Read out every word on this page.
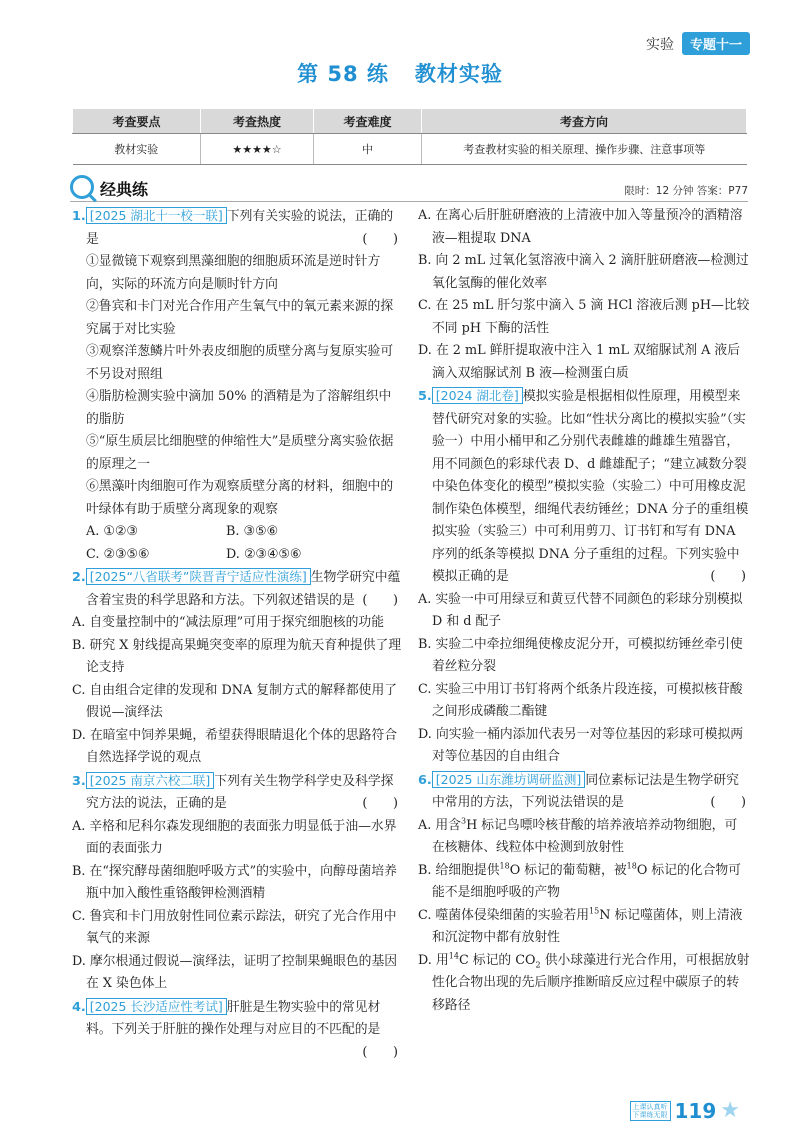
实验	专题十一
第 58 练 教材实验
考查要点	考查热度	考查难度	考查方向
教材实验	★★★★☆	中	考查教材实验的相关原理、操作步骤、注意事项等
经典练	限时：12 分钟 答案：P77

1. [2025 湖北十一校一联] 下列有关实验的说法，正确的是	(　　)

①显微镜下观察到黑藻细胞的细胞质环流是逆时针方向，实际的环流方向是顺时针方向

②鲁宾和卡门对光合作用产生氧气中的氧元素来源的探究属于对比实验

③观察洋葱鳞片叶外表皮细胞的质壁分离与复原实验可不另设对照组

④脂肪检测实验中滴加 50% 的酒精是为了溶解组织中的脂肪

⑤“原生质层比细胞壁的伸缩性大”是质壁分离实验依据的原理之一

⑥黑藻叶肉细胞可作为观察质壁分离的材料，细胞中的叶绿体有助于质壁分离现象的观察

A. ①②③	B. ③⑤⑥

C. ②③⑤⑥	D. ②③④⑤⑥

2. [2025“八省联考”陕晋青宁适应性演练] 生物学研究中蕴含着宝贵的科学思路和方法。下列叙述错误的是 (　　)

A. 自变量控制中的“减法原理”可用于探究细胞核的功能

B. 研究 X 射线提高果蝇突变率的原理为航天育种提供了理论支持

C. 自由组合定律的发现和 DNA 复制方式的解释都使用了假说—演绎法

D. 在暗室中饲养果蝇，希望获得眼睛退化个体的思路符合自然选择学说的观点

3. [2025 南京六校二联] 下列有关生物学科学史及科学探究方法的说法，正确的是	(　　)

A. 辛格和尼科尔森发现细胞的表面张力明显低于油—水界面的表面张力

B. 在“探究酵母菌细胞呼吸方式”的实验中，向醇母菌培养瓶中加入酸性重铬酸钾检测酒精

C. 鲁宾和卡门用放射性同位素示踪法，研究了光合作用中氧气的来源

D. 摩尔根通过假说—演绎法，证明了控制果蝇眼色的基因在 X 染色体上

4. [2025 长沙适应性考试] 肝脏是生物实验中的常见材料。下列关于肝脏的操作处理与对应目的不匹配的是
(　　)

A. 在离心后肝脏研磨液的上清液中加入等量预冷的酒精溶液—粗提取 DNA

B. 向 2 mL 过氧化氢溶液中滴入 2 滴肝脏研磨液—检测过氧化氢酶的催化效率

C. 在 25 mL 肝匀浆中滴入 5 滴 HCl 溶液后测 pH—比较不同 pH 下酶的活性

D. 在 2 mL 鲜肝提取液中注入 1 mL 双缩脲试剂 A 液后滴入双缩脲试剂 B 液—检测蛋白质

5. [2024 湖北卷] 模拟实验是根据相似性原理，用模型来替代研究对象的实验。比如“性状分离比的模拟实验”（实验一）中用小桶甲和乙分别代表雌雄的雌雄生殖器官，用不同颜色的彩球代表 D、d 雌雄配子；“建立减数分裂中染色体变化的模型”模拟实验（实验二）中可用橡皮泥制作染色体模型，细绳代表纺锤丝；DNA 分子的重组模拟实验（实验三）中可利用剪刀、订书钉和写有 DNA 序列的纸条等模拟 DNA 分子重组的过程。下列实验中模拟正确的是	(　　)

A. 实验一中可用绿豆和黄豆代替不同颜色的彩球分别模拟 D 和 d 配子

B. 实验二中牵拉细绳使橡皮泥分开，可模拟纺锤丝牵引使着丝粒分裂

C. 实验三中用订书钉将两个纸条片段连接，可模拟核苷酸之间形成磷酸二酯键

D. 向实验一桶内添加代表另一对等位基因的彩球可模拟两对等位基因的自由组合

6. [2025 山东潍坊调研监测] 同位素标记法是生物学研究中常用的方法，下列说法错误的是	(　　)

A. 用含$^3$H 标记鸟嘌呤核苷酸的培养液培养动物细胞，可在核糖体、线粒体中检测到放射性

B. 给细胞提供$^{18}$O 标记的葡萄糖，被$^{18}$O 标记的化合物可能不是细胞呼吸的产物

C. 噬菌体侵染细菌的实验若用$^{15}$N 标记噬菌体，则上清液和沉淀物中都有放射性

D. 用$^{14}$C 标记的 $CO_2$ 供小球藻进行光合作用，可根据放射性化合物出现的先后顺序推断暗反应过程中碳原子的转移路径

上课认真听
下课练无限 119 ★
